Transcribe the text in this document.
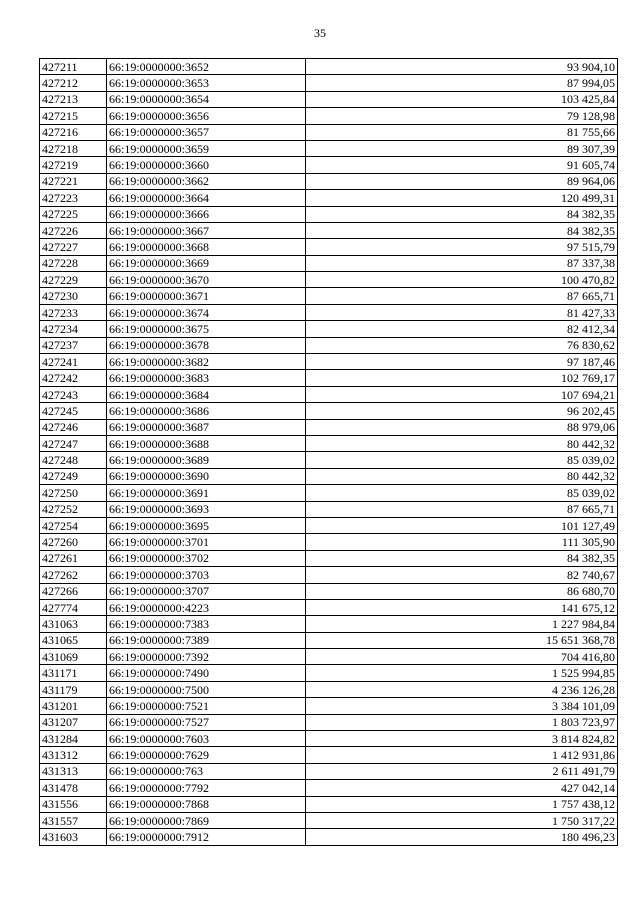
35
427211	66:19:0000000:3652	93 904,10
427212	66:19:0000000:3653	87 994,05
427213	66:19:0000000:3654	103 425,84
427215	66:19:0000000:3656	79 128,98
427216	66:19:0000000:3657	81 755,66
427218	66:19:0000000:3659	89 307,39
427219	66:19:0000000:3660	91 605,74
427221	66:19:0000000:3662	89 964,06
427223	66:19:0000000:3664	120 499,31
427225	66:19:0000000:3666	84 382,35
427226	66:19:0000000:3667	84 382,35
427227	66:19:0000000:3668	97 515,79
427228	66:19:0000000:3669	87 337,38
427229	66:19:0000000:3670	100 470,82
427230	66:19:0000000:3671	87 665,71
427233	66:19:0000000:3674	81 427,33
427234	66:19:0000000:3675	82 412,34
427237	66:19:0000000:3678	76 830,62
427241	66:19:0000000:3682	97 187,46
427242	66:19:0000000:3683	102 769,17
427243	66:19:0000000:3684	107 694,21
427245	66:19:0000000:3686	96 202,45
427246	66:19:0000000:3687	88 979,06
427247	66:19:0000000:3688	80 442,32
427248	66:19:0000000:3689	85 039,02
427249	66:19:0000000:3690	80 442,32
427250	66:19:0000000:3691	85 039,02
427252	66:19:0000000:3693	87 665,71
427254	66:19:0000000:3695	101 127,49
427260	66:19:0000000:3701	111 305,90
427261	66:19:0000000:3702	84 382,35
427262	66:19:0000000:3703	82 740,67
427266	66:19:0000000:3707	86 680,70
427774	66:19:0000000:4223	141 675,12
431063	66:19:0000000:7383	1 227 984,84
431065	66:19:0000000:7389	15 651 368,78
431069	66:19:0000000:7392	704 416,80
431171	66:19:0000000:7490	1 525 994,85
431179	66:19:0000000:7500	4 236 126,28
431201	66:19:0000000:7521	3 384 101,09
431207	66:19:0000000:7527	1 803 723,97
431284	66:19:0000000:7603	3 814 824,82
431312	66:19:0000000:7629	1 412 931,86
431313	66:19:0000000:763	2 611 491,79
431478	66:19:0000000:7792	427 042,14
431556	66:19:0000000:7868	1 757 438,12
431557	66:19:0000000:7869	1 750 317,22
431603	66:19:0000000:7912	180 496,23
